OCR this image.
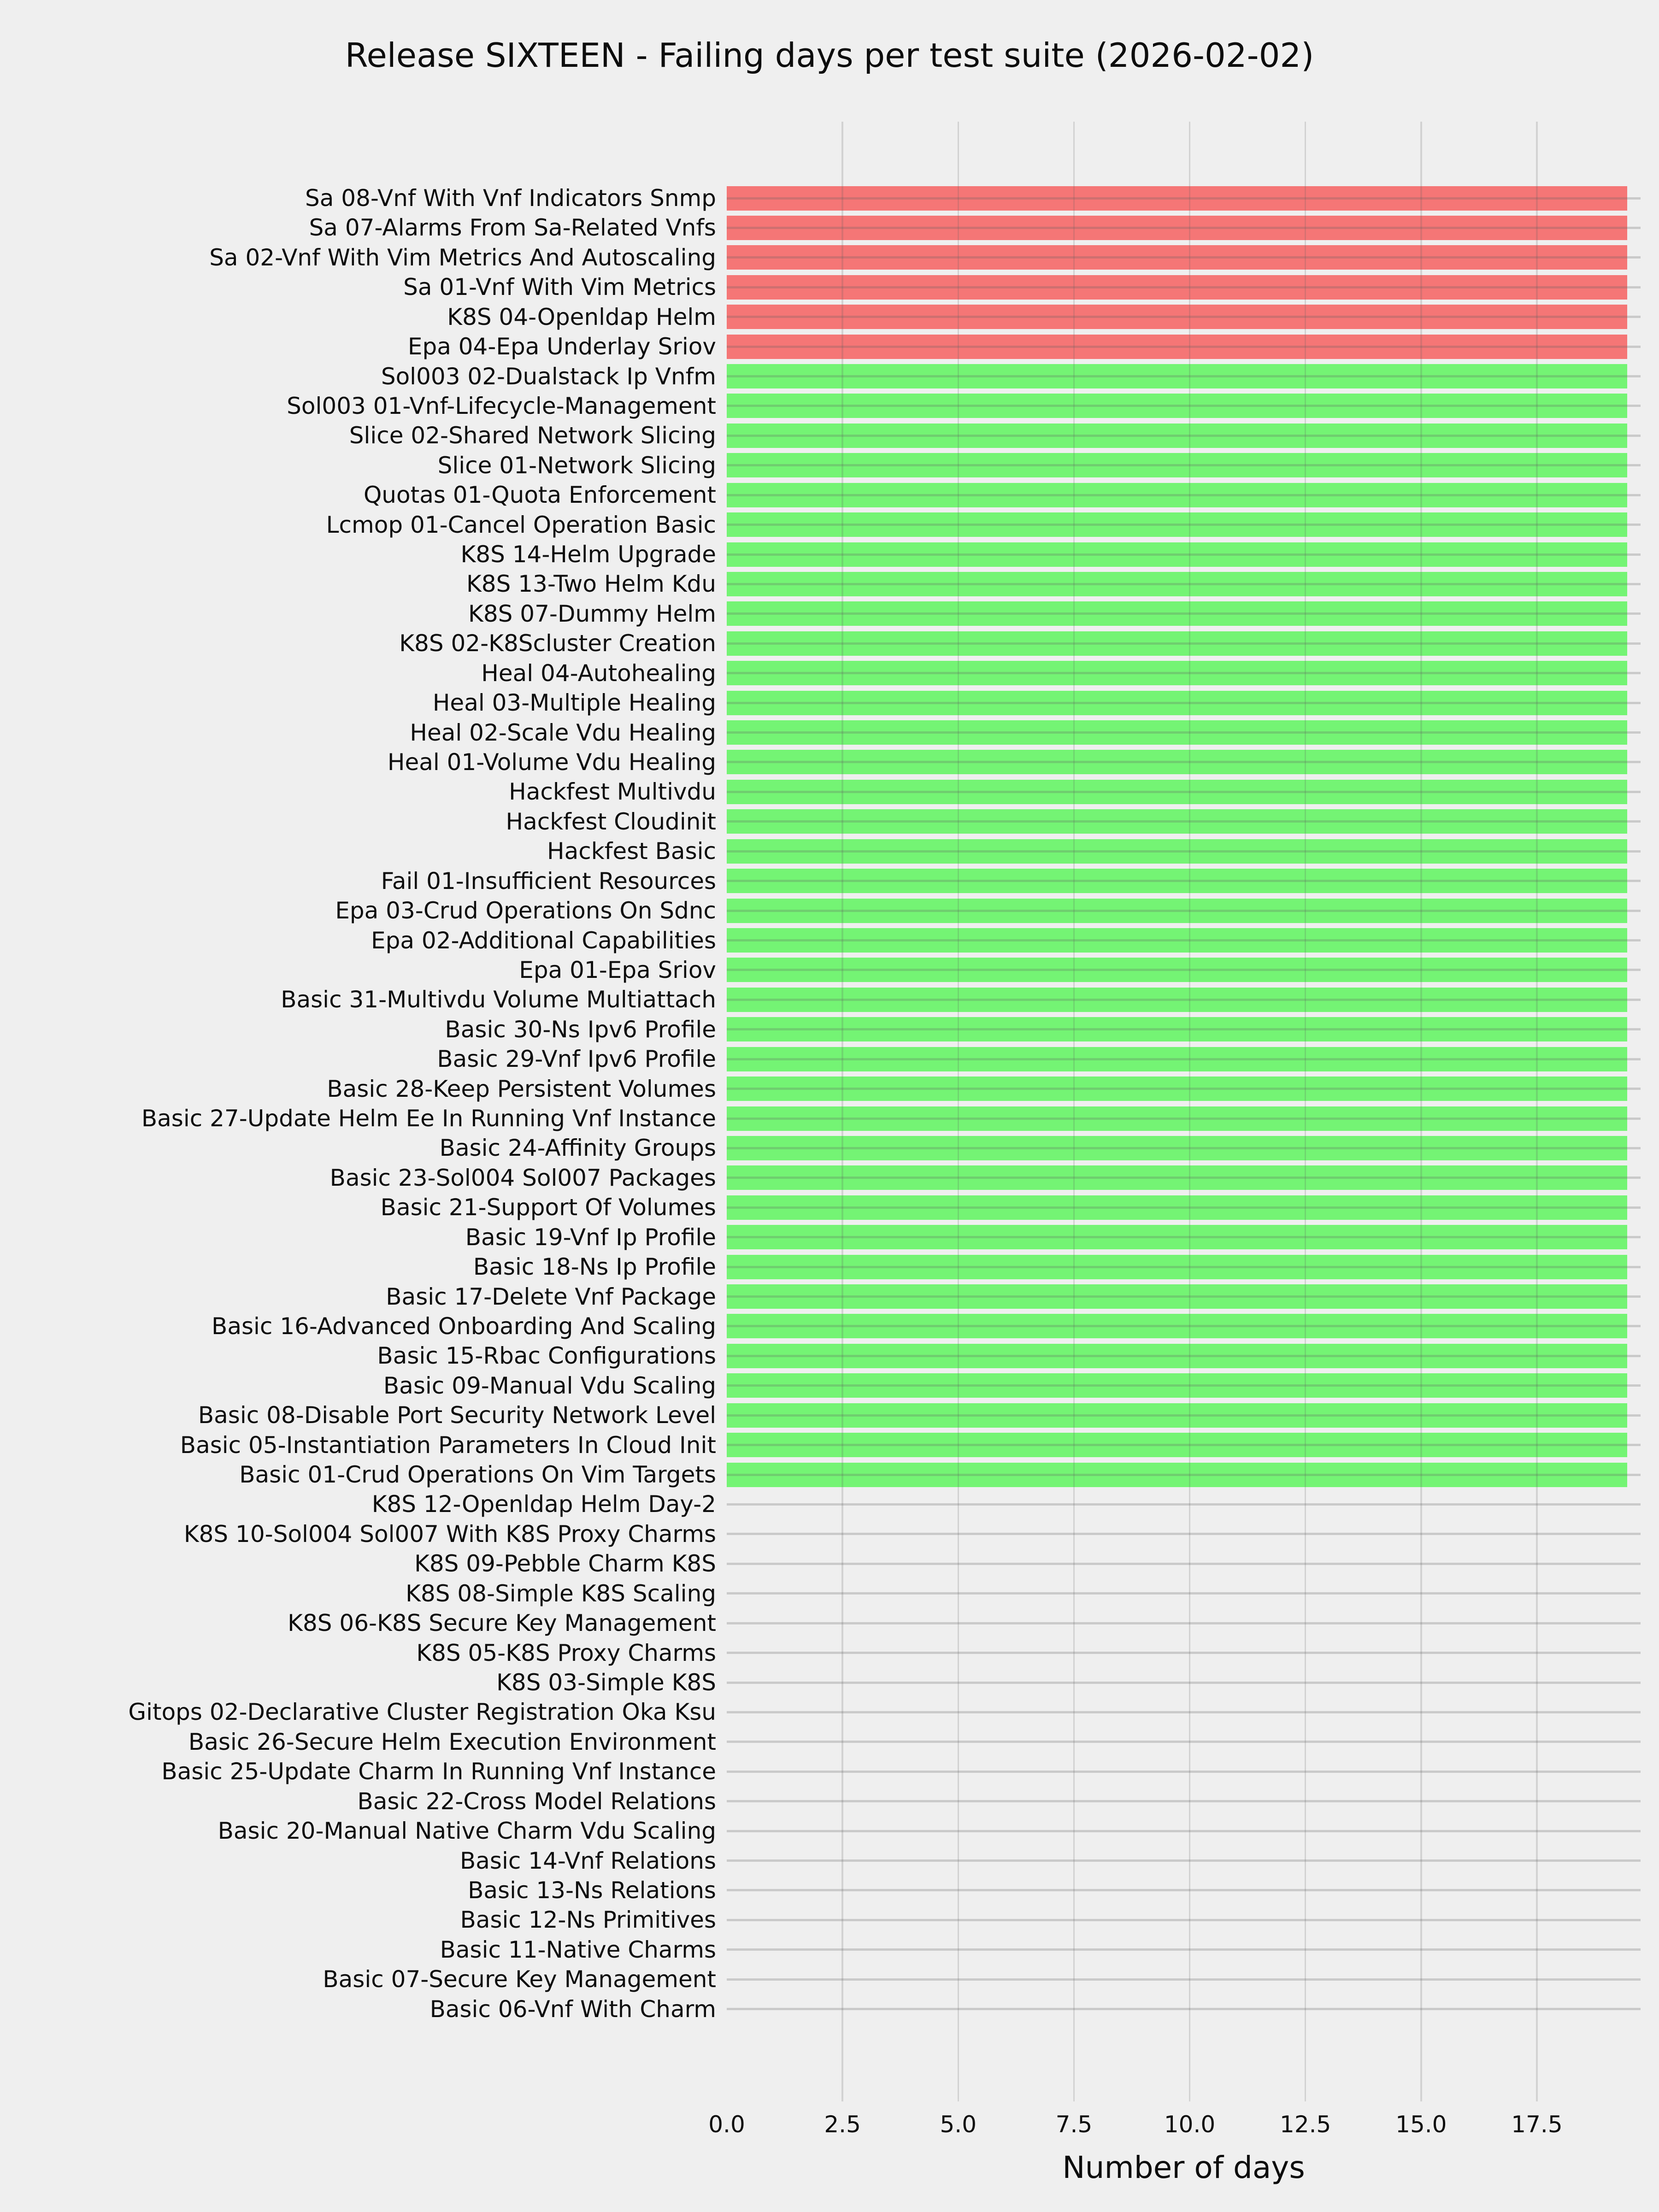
Release SIXTEEN - Failing days per test suite (2026-02-02)
Sa 08-Vnf With Vnf Indicators Snmp
Sa 07-Alarms From Sa-Related Vnfs
Sa 02-Vnf With Vim Metrics And Autoscaling
Sa 01-Vnf With Vim Metrics
K8S 04-Openldap Helm
Epa 04-Epa Underlay Sriov
Sol003 02-Dualstack Ip Vnfm
Sol003 01-Vnf-Lifecycle-Management
Slice 02-Shared Network Slicing
Slice 01-Network Slicing
Quotas 01-Quota Enforcement
Lcmop 01-Cancel Operation Basic
K8S 14-Helm Upgrade
K8S 13-Two Helm Kdu
K8S 07-Dummy Helm
K8S 02-K8Scluster Creation
Heal 04-Autohealing
Heal 03-Multiple Healing
Heal 02-Scale Vdu Healing
Heal 01-Volume Vdu Healing
Hackfest Multivdu
Hackfest Cloudinit
Hackfest Basic
Fail 01-Insufficient Resources
Epa 03-Crud Operations On Sdnc
Epa 02-Additional Capabilities
Epa 01-Epa Sriov
Basic 31-Multivdu Volume Multiattach
Basic 30-Ns Ipv6 Profile
Basic 29-Vnf Ipv6 Profile
Basic 28-Keep Persistent Volumes
Basic 27-Update Helm Ee In Running Vnf Instance
Basic 24-Affinity Groups
Basic 23-Sol004 Sol007 Packages
Basic 21-Support Of Volumes
Basic 19-Vnf Ip Profile
Basic 18-Ns Ip Profile
Basic 17-Delete Vnf Package
Basic 16-Advanced Onboarding And Scaling
Basic 15-Rbac Configurations
Basic 09-Manual Vdu Scaling
Basic 08-Disable Port Security Network Level
Basic 05-Instantiation Parameters In Cloud Init
Basic 01-Crud Operations On Vim Targets
K8S 12-Openldap Helm Day-2
K8S 10-Sol004 Sol007 With K8S Proxy Charms
K8S 09-Pebble Charm K8S
K8S 08-Simple K8S Scaling
K8S 06-K8S Secure Key Management
K8S 05-K8S Proxy Charms
K8S 03-Simple K8S
Gitops 02-Declarative Cluster Registration Oka Ksu
Basic 26-Secure Helm Execution Environment
Basic 25-Update Charm In Running Vnf Instance
Basic 22-Cross Model Relations
Basic 20-Manual Native Charm Vdu Scaling
Basic 14-Vnf Relations
Basic 13-Ns Relations
Basic 12-Ns Primitives
Basic 11-Native Charms
Basic 07-Secure Key Management
Basic 06-Vnf With Charm
0.0	2.5	5.0	7.5	10.0	12.5	15.0	17.5
Number of days
